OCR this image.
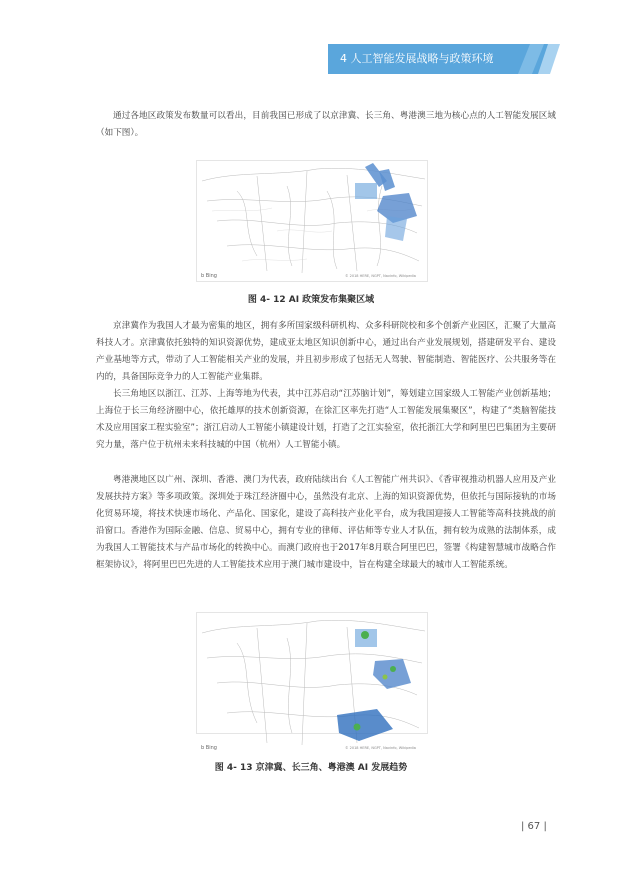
4 人工智能发展战略与政策环境

通过各地区政策发布数量可以看出，目前我国已形成了以京津冀、长三角、粤港澳三地为核心点的人工智能发展区域（如下图）。

b Bing	© 2018 HERE, NGPT, Navinfo, Wikipedia
图 4- 12 AI 政策发布集聚区域

京津冀作为我国人才最为密集的地区，拥有多所国家级科研机构、众多科研院校和多个创新产业园区，汇聚了大量高科技人才。京津冀依托独特的知识资源优势，建成亚太地区知识创新中心，通过出台产业发展规划，搭建研发平台、建设产业基地等方式，带动了人工智能相关产业的发展，并且初步形成了包括无人驾驶、智能制造、智能医疗、公共服务等在内的，具备国际竞争力的人工智能产业集群。

长三角地区以浙江、江苏、上海等地为代表，其中江苏启动“江苏脑计划”，筹划建立国家级人工智能产业创新基地；上海位于长三角经济圈中心，依托雄厚的技术创新资源，在徐汇区率先打造“人工智能发展集聚区”，构建了“类脑智能技术及应用国家工程实验室”；浙江启动人工智能小镇建设计划，打造了之江实验室，依托浙江大学和阿里巴巴集团为主要研究力量，落户位于杭州未来科技城的中国（杭州）人工智能小镇。

粤港澳地区以广州、深圳、香港、澳门为代表，政府陆续出台《人工智能广州共识》、《香审视推动机器人应用及产业发展扶持方案》等多项政策。深圳处于珠江经济圈中心，虽然没有北京、上海的知识资源优势，但依托与国际接轨的市场化贸易环境，将技术快速市场化、产品化、国家化，建设了高科技产业化平台，成为我国迎接人工智能等高科技挑战的前沿窗口。香港作为国际金融、信息、贸易中心，拥有专业的律师、评估师等专业人才队伍，拥有较为成熟的法制体系，成为我国人工智能技术与产品市场化的转换中心。而澳门政府也于2017年8月联合阿里巴巴，签署《构建智慧城市战略合作框架协议》，将阿里巴巴先进的人工智能技术应用于澳门城市建设中，旨在构建全球最大的城市人工智能系统。

b Bing	© 2018 HERE, NGPT, Navinfo, Wikipedia
图 4- 13 京津冀、长三角、粤港澳 AI 发展趋势
| 67 |
